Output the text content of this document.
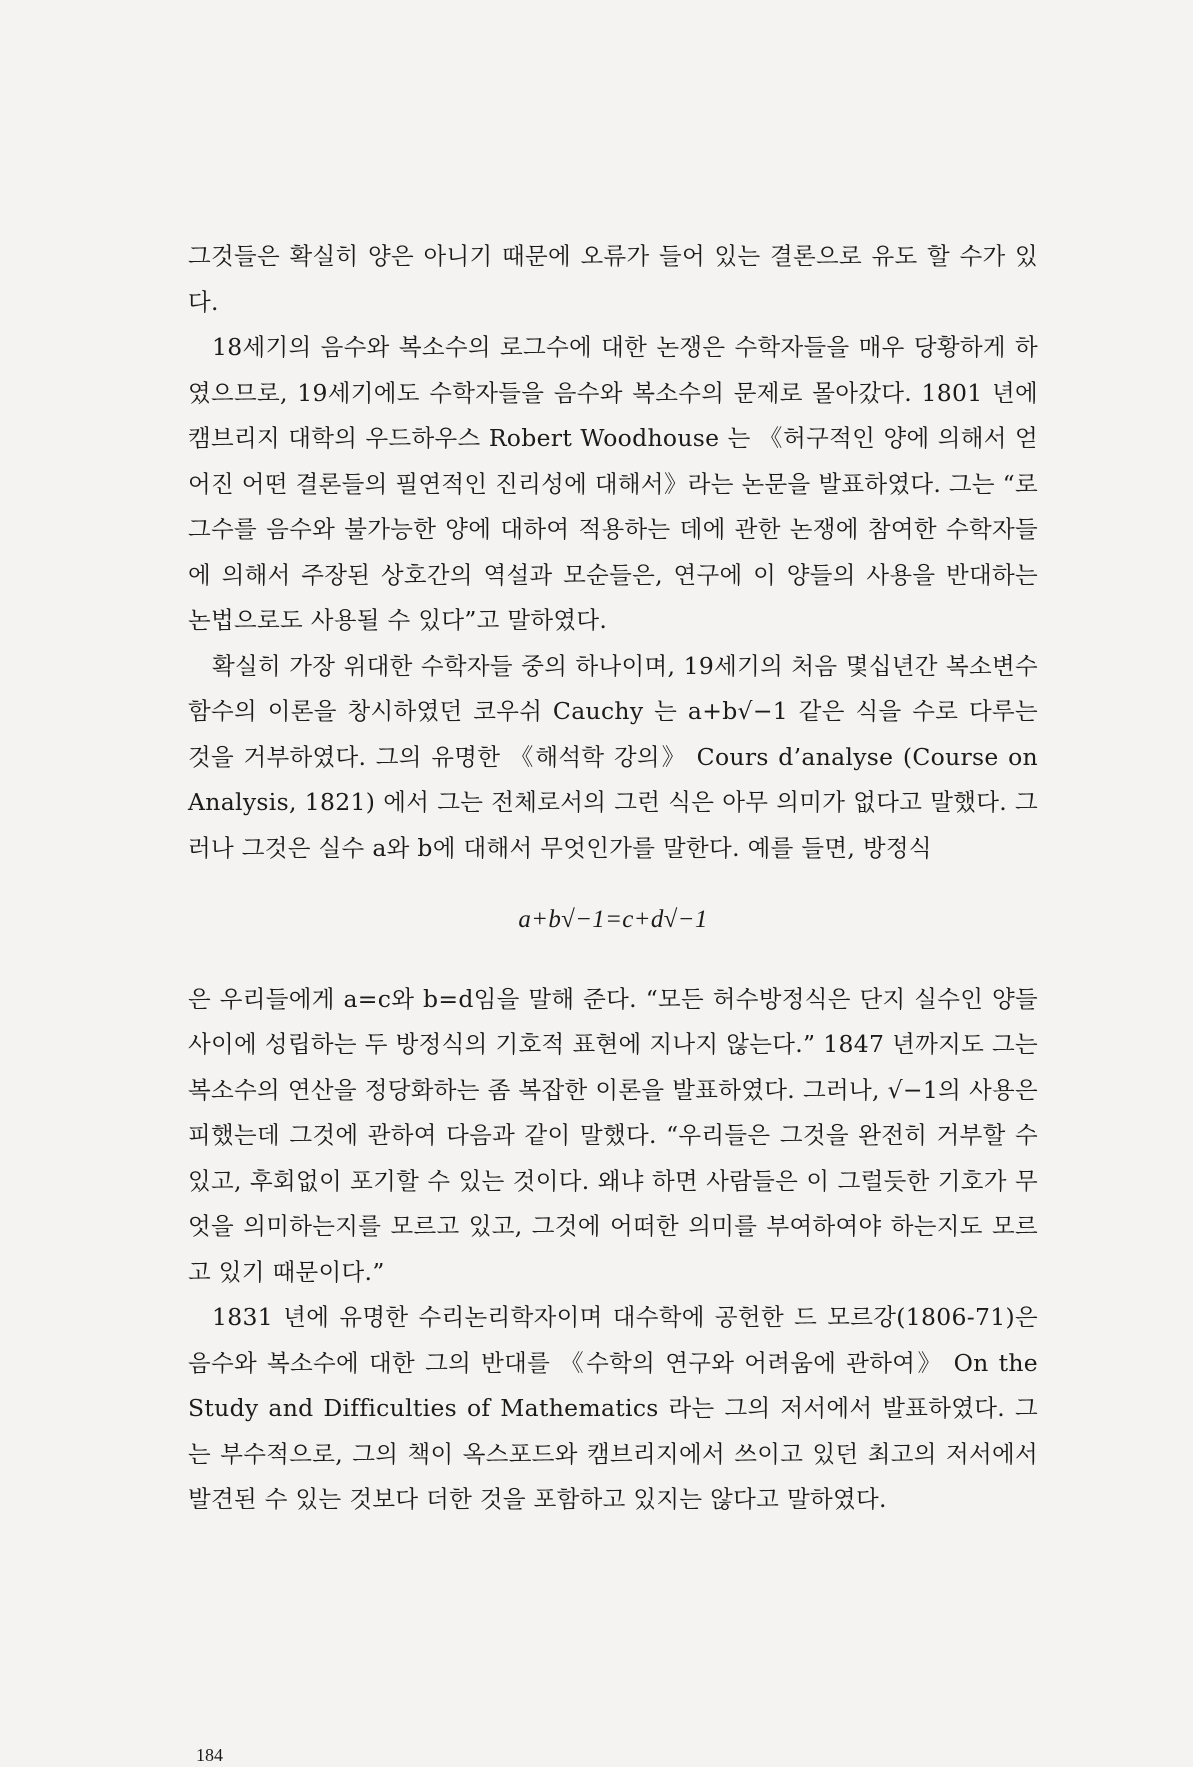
그것들은 확실히 양은 아니기 때문에 오류가 들어 있는 결론으로 유도 할 수가 있다.

18세기의 음수와 복소수의 로그수에 대한 논쟁은 수학자들을 매우 당황하게 하였으므로, 19세기에도 수학자들을 음수와 복소수의 문제로 몰아갔다. 1801 년에 캠브리지 대학의 우드하우스 Robert Woodhouse 는 《허구적인 양에 의해서 얻어진 어떤 결론들의 필연적인 진리성에 대해서》라는 논문을 발표하였다. 그는 “로그수를 음수와 불가능한 양에 대하여 적용하는 데에 관한 논쟁에 참여한 수학자들에 의해서 주장된 상호간의 역설과 모순들은, 연구에 이 양들의 사용을 반대하는 논법으로도 사용될 수 있다”고 말하였다.

확실히 가장 위대한 수학자들 중의 하나이며, 19세기의 처음 몇십년간 복소변수함수의 이론을 창시하였던 코우쉬 Cauchy 는 a+b√−1 같은 식을 수로 다루는 것을 거부하였다. 그의 유명한 《해석학 강의》 Cours d’analyse (Course on Analysis, 1821) 에서 그는 전체로서의 그런 식은 아무 의미가 없다고 말했다. 그러나 그것은 실수 a와 b에 대해서 무엇인가를 말한다. 예를 들면, 방정식

a+b√−1=c+d√−1

은 우리들에게 a=c와 b=d임을 말해 준다. “모든 허수방정식은 단지 실수인 양들 사이에 성립하는 두 방정식의 기호적 표현에 지나지 않는다.” 1847 년까지도 그는 복소수의 연산을 정당화하는 좀 복잡한 이론을 발표하였다. 그러나, √−1의 사용은 피했는데 그것에 관하여 다음과 같이 말했다. “우리들은 그것을 완전히 거부할 수 있고, 후회없이 포기할 수 있는 것이다. 왜냐 하면 사람들은 이 그럴듯한 기호가 무엇을 의미하는지를 모르고 있고, 그것에 어떠한 의미를 부여하여야 하는지도 모르고 있기 때문이다.”

1831 년에 유명한 수리논리학자이며 대수학에 공헌한 드 모르강(1806-71)은 음수와 복소수에 대한 그의 반대를 《수학의 연구와 어려움에 관하여》 On the Study and Difficulties of Mathematics 라는 그의 저서에서 발표하였다. 그는 부수적으로, 그의 책이 옥스포드와 캠브리지에서 쓰이고 있던 최고의 저서에서 발견된 수 있는 것보다 더한 것을 포함하고 있지는 않다고 말하였다.

184
